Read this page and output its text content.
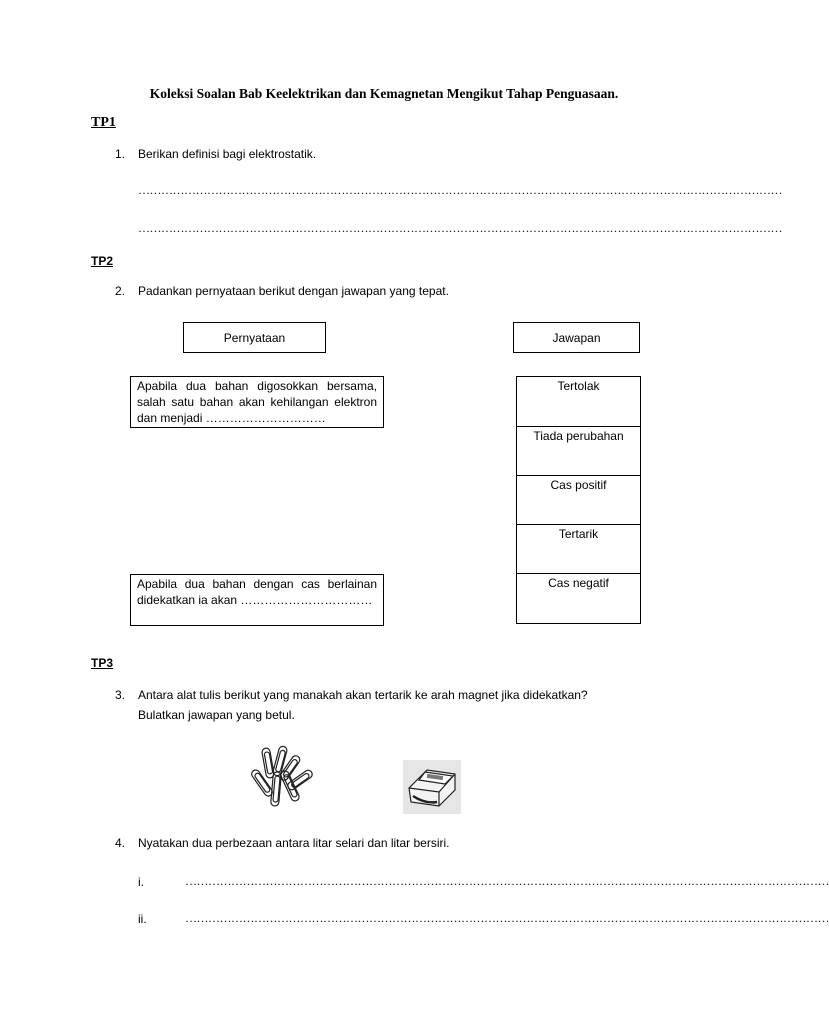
Koleksi Soalan Bab Keelektrikan dan Kemagnetan Mengikut Tahap Penguasaan.
TP1
1. Berikan definisi bagi elektrostatik.
……………………………………………………………………………………………………………………………………………………
……………………………………………………………………………………………………………………………………………………
TP2
2. Padankan pernyataan berikut dengan jawapan yang tepat.
Pernyataan	Jawapan
Apabila dua bahan digosokkan bersama, salah satu bahan akan kehilangan elektron dan menjadi …………………………
Apabila dua bahan dengan cas berlainan didekatkan ia akan ……………………………
Tertolak
Tiada perubahan
Cas positif
Tertarik
Cas negatif
TP3
3. Antara alat tulis berikut yang manakah akan tertarik ke arah magnet jika didekatkan?
Bulatkan jawapan yang betul.
4. Nyatakan dua perbezaan antara litar selari dan litar bersiri.
i.	……………………………………………………………………………………………………………………………………………………
ii.	……………………………………………………………………………………………………………………………………………………
